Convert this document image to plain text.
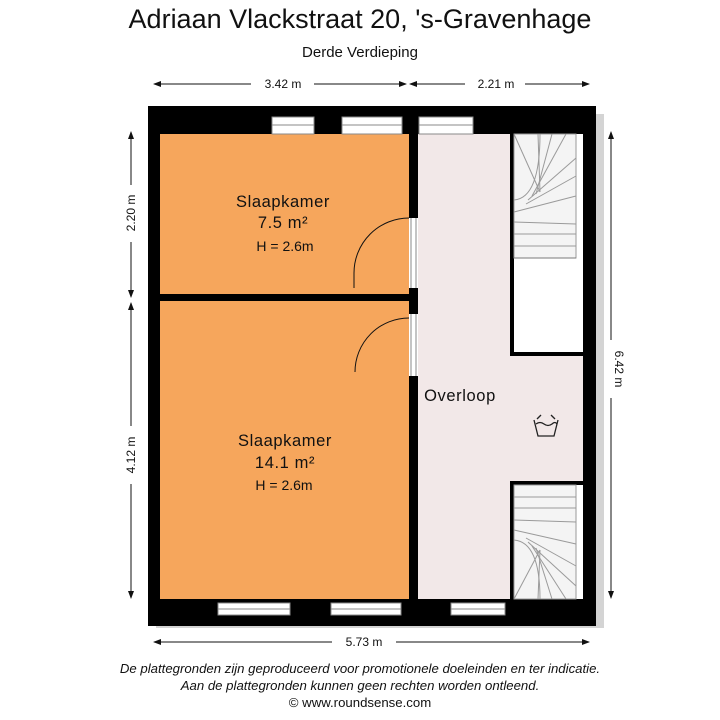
Adriaan Vlackstraat 20, 's-Gravenhage
Derde Verdieping
Slaapkamer
7.5 m²
H = 2.6m
Slaapkamer
14.1 m²
H = 2.6m
Overloop
3.42 m	2.21 m
5.73 m
2.20 m
4.12 m
6.42 m
De plattegronden zijn geproduceerd voor promotionele doeleinden en ter indicatie.
Aan de plattegronden kunnen geen rechten worden ontleend.
© www.roundsense.com
